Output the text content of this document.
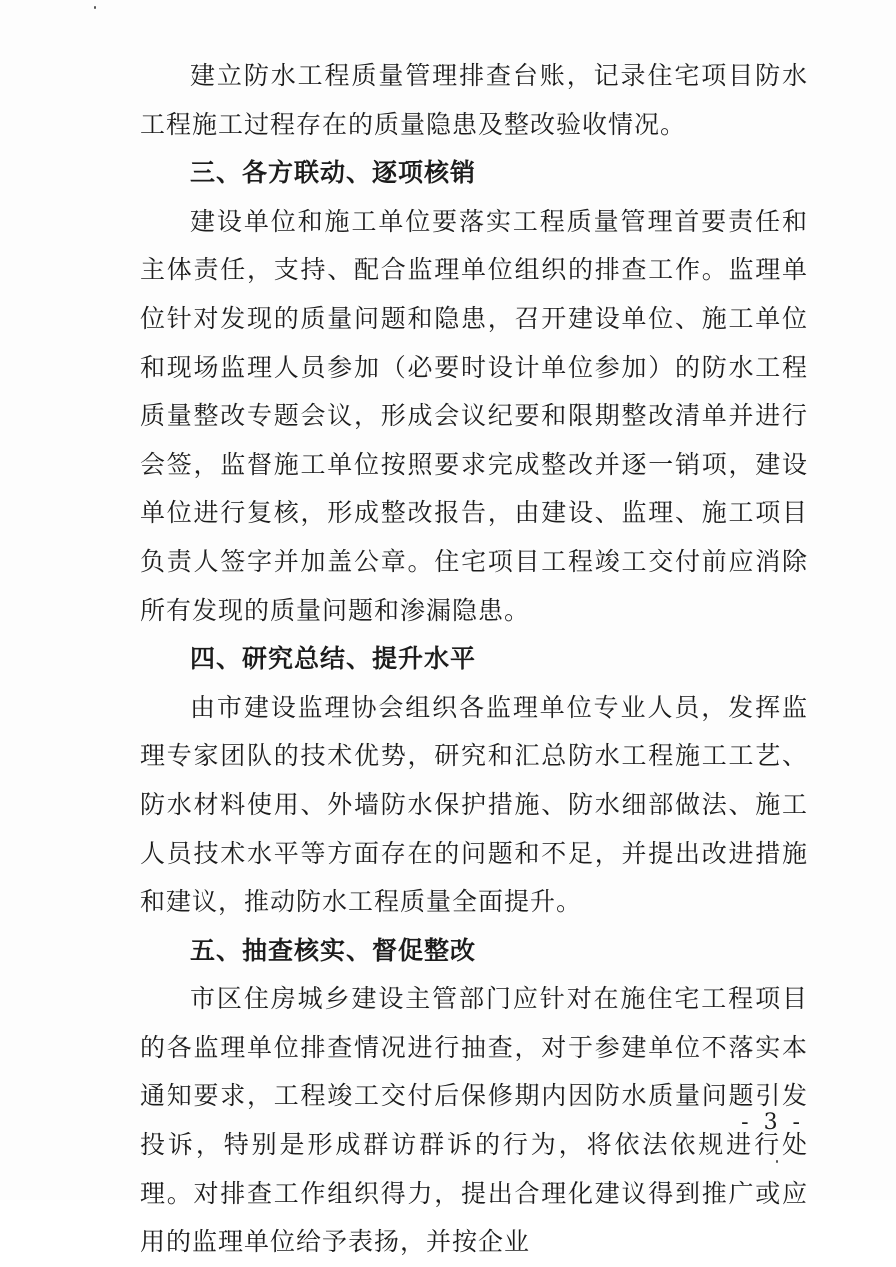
建立防水工程质量管理排查台账，记录住宅项目防水工程施工过程存在的质量隐患及整改验收情况。

三、各方联动、逐项核销

建设单位和施工单位要落实工程质量管理首要责任和主体责任，支持、配合监理单位组织的排查工作。监理单位针对发现的质量问题和隐患，召开建设单位、施工单位和现场监理人员参加（必要时设计单位参加）的防水工程质量整改专题会议，形成会议纪要和限期整改清单并进行会签，监督施工单位按照要求完成整改并逐一销项，建设单位进行复核，形成整改报告，由建设、监理、施工项目负责人签字并加盖公章。住宅项目工程竣工交付前应消除所有发现的质量问题和渗漏隐患。

四、研究总结、提升水平

由市建设监理协会组织各监理单位专业人员，发挥监理专家团队的技术优势，研究和汇总防水工程施工工艺、防水材料使用、外墙防水保护措施、防水细部做法、施工人员技术水平等方面存在的问题和不足，并提出改进措施和建议，推动防水工程质量全面提升。

五、抽查核实、督促整改

市区住房城乡建设主管部门应针对在施住宅工程项目的各监理单位排查情况进行抽查，对于参建单位不落实本通知要求，工程竣工交付后保修期内因防水质量问题引发投诉，特别是形成群访群诉的行为，将依法依规进行处理。对排查工作组织得力，提出合理化建议得到推广或应用的监理单位给予表扬，并按企业

- 3 -
